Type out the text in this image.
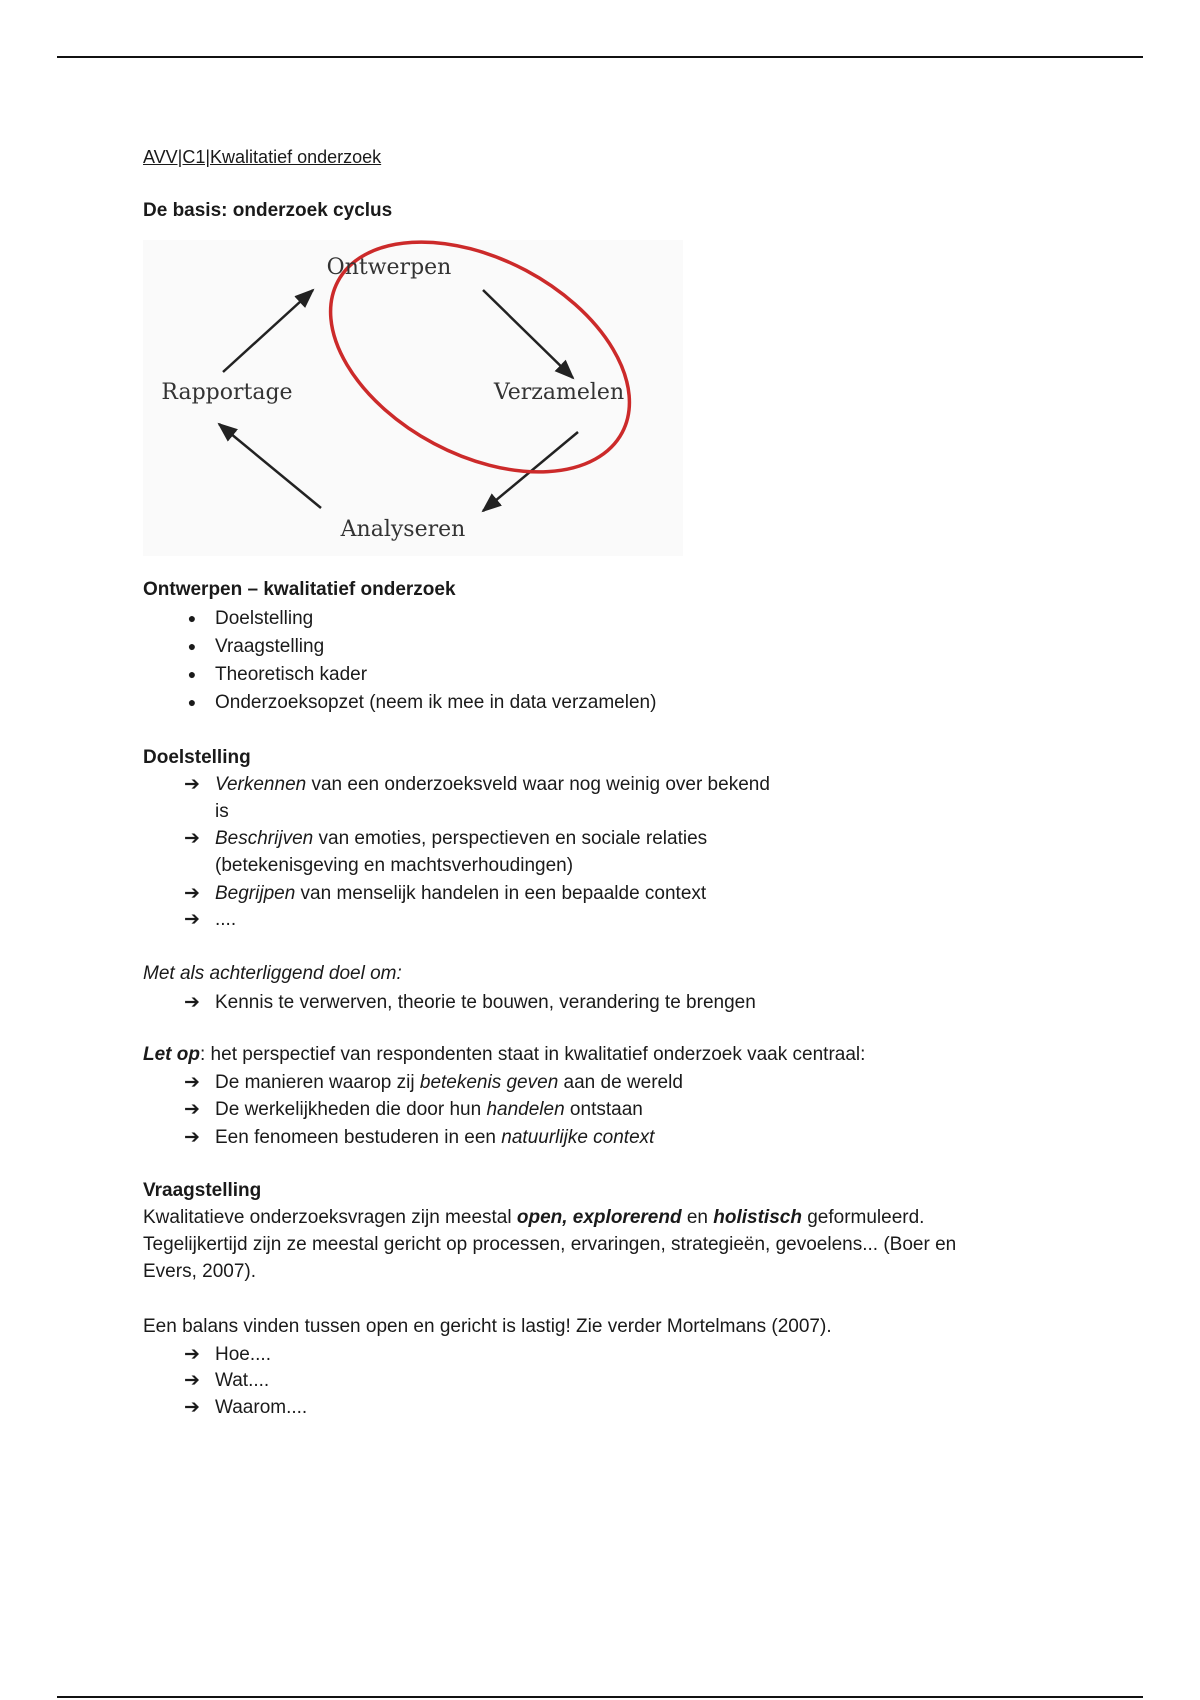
AVV|C1|Kwalitatief onderzoek
De basis: onderzoek cyclus
Ontwerpen – kwalitatief onderzoek
● Doelstelling
● Vraagstelling
● Theoretisch kader
● Onderzoeksopzet (neem ik mee in data verzamelen)
Doelstelling
➔ Verkennen van een onderzoeksveld waar nog weinig over bekend
is
➔ Beschrijven van emoties, perspectieven en sociale relaties
(betekenisgeving en machtsverhoudingen)
➔ Begrijpen van menselijk handelen in een bepaalde context
➔ ....
Met als achterliggend doel om:
➔ Kennis te verwerven, theorie te bouwen, verandering te brengen
Let op: het perspectief van respondenten staat in kwalitatief onderzoek vaak centraal:
➔ De manieren waarop zij betekenis geven aan de wereld
➔ De werkelijkheden die door hun handelen ontstaan
➔ Een fenomeen bestuderen in een natuurlijke context
Vraagstelling
Kwalitatieve onderzoeksvragen zijn meestal open, explorerend en holistisch geformuleerd.
Tegelijkertijd zijn ze meestal gericht op processen, ervaringen, strategieën, gevoelens... (Boer en
Evers, 2007).
Een balans vinden tussen open en gericht is lastig! Zie verder Mortelmans (2007).
➔ Hoe....
➔ Wat....
➔ Waarom....
Ontwerpen
Verzamelen
Analyseren
Rapportage
